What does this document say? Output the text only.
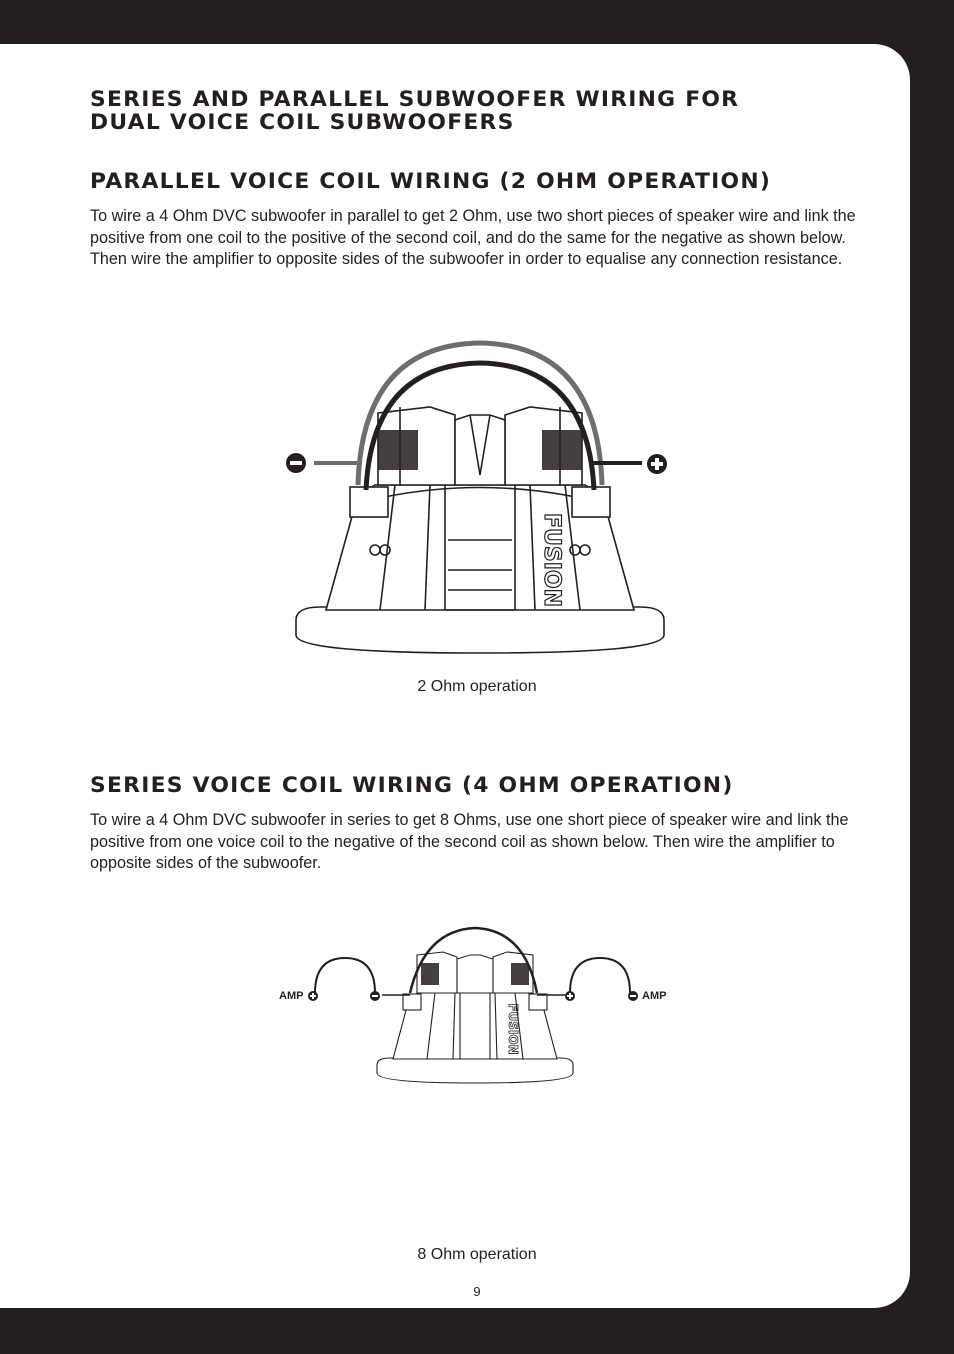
SERIES AND PARALLEL SUBWOOFER WIRING FOR
DUAL VOICE COIL SUBWOOFERS
PARALLEL VOICE COIL WIRING (2 OHM OPERATION)

To wire a 4 Ohm DVC subwoofer in parallel to get 2 Ohm, use two short pieces of speaker wire and link the positive from one coil to the positive of the second coil, and do the same for the negative as shown below. Then wire the amplifier to opposite sides of the subwoofer in order to equalise any connection resistance.

FUSION
2 Ohm operation
SERIES VOICE COIL WIRING (4 OHM OPERATION)

To wire a 4 Ohm DVC subwoofer in series to get 8 Ohms, use one short piece of speaker wire and link the positive from one voice coil to the negative of the second coil as shown below. Then wire the amplifier to opposite sides of the subwoofer.

FUSION
AMP	AMP
8 Ohm operation
9
